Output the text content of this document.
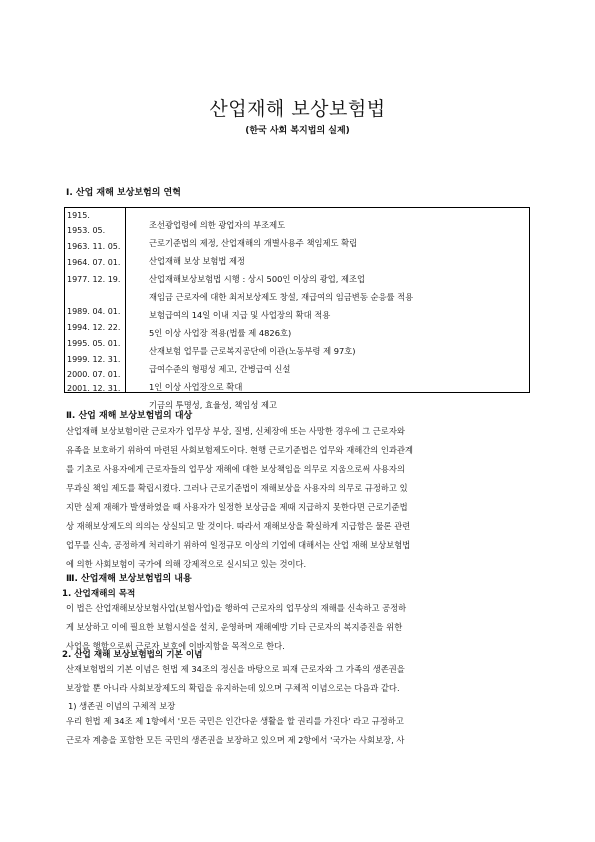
산업재해 보상보험법
(한국 사회 복지법의 실제)
Ⅰ. 산업 재해 보상보험의 연혁
1915.
1953. 05.
1963. 11. 05.
1964. 07. 01.
1977. 12. 19.
1989. 04. 01.
1994. 12. 22.
1995. 05. 01.
1999. 12. 31.
2000. 07. 01.
2001. 12. 31.
조선광업령에 의한 광업자의 부조제도
근로기준법의 제정, 산업재해의 개별사용주 책임제도 확립
산업재해 보상 보험법 제정
산업재해보상보험법 시행 : 상시 500인 이상의 광업, 제조업
재임금 근로자에 대한 최저보상제도 창설, 재급여의 임금변동 순응률 적용
보험급여의 14일 이내 지급 및 사업장의 확대 적용
5인 이상 사업장 적용(법률 제 4826호)
산재보험 업무를 근로복지공단에 이관(노동부령 제 97호)
급여수준의 형평성 제고, 간병급여 신설
1인 이상 사업장으로 확대
기금의 투명성, 효율성, 책임성 제고
Ⅱ. 산업 재해 보상보험법의 대상
산업재해 보상보험이란 근로자가 업무상 부상, 질병, 신체장애 또는 사망한 경우에 그 근로자와
유족을 보호하기 위하여 마련된 사회보험제도이다. 현행 근로기준법은 업무와 재해간의 인과관계
를 기초로 사용자에게 근로자들의 업무상 재해에 대한 보상책임을 의무로 지움으로써 사용자의
무과실 책임 제도를 확립시켰다. 그러나 근로기준법이 재해보상을 사용자의 의무로 규정하고 있
지만 실제 재해가 발생하였을 때 사용자가 일정한 보상금을 제때 지급하지 못한다면 근로기준법
상 재해보상제도의 의의는 상실되고 말 것이다. 따라서 재해보상을 확실하게 지급함은 물론 관련
업무를 신속, 공정하게 처리하기 위하여 일정규모 이상의 기업에 대해서는 산업 재해 보상보험법
에 의한 사회보험이 국가에 의해 강제적으로 실시되고 있는 것이다.
Ⅲ. 산업재해 보상보험법의 내용
1. 산업재해의 목적
이 법은 산업재해보상보험사업(보험사업)을 행하여 근로자의 업무상의 재해를 신속하고 공정하
게 보상하고 이에 필요한 보험시설을 설치, 운영하며 재해예방 기타 근로자의 복지증진을 위한
사업을 행함으로써 근로자 보호에 이바지함을 목적으로 한다.
2. 산업 재해 보상보험법의 기본 이념
산재보험법의 기본 이념은 헌법 제 34조의 정신을 바탕으로 피재 근로자와 그 가족의 생존권을
보장할 뿐 아니라 사회보장제도의 확립을 유지하는데 있으며 구체적 이념으로는 다음과 같다.
1) 생존권 이념의 구체적 보장
우리 헌법 제 34조 제 1항에서 '모든 국민은 인간다운 생활을 할 권리를 가진다' 라고 규정하고
근로자 계층을 포함한 모든 국민의 생존권을 보장하고 있으며 제 2항에서 '국가는 사회보장, 사
